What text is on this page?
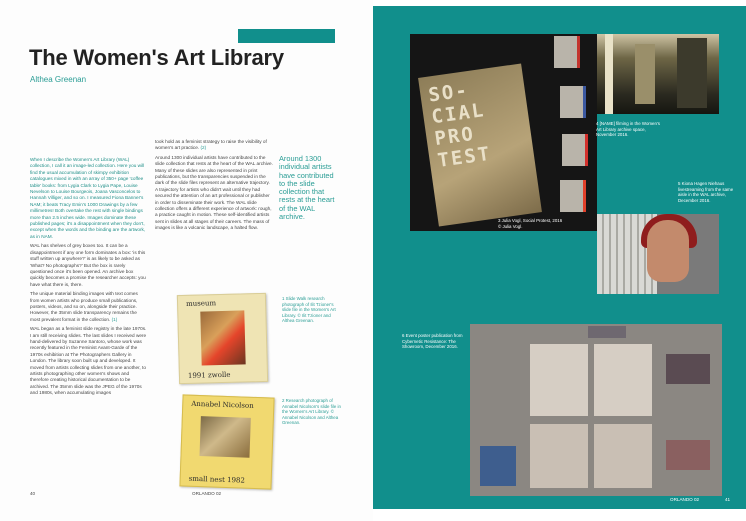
The Women's Art Library
Althea Greenan

When I describe the Women's Art Library (WAL) collection, I call it an image-led collection. Here you will find the usual accumulation of skimpy exhibition catalogues mixed in with an array of 350+ page 'coffee table' books: from Lygia Clark to Lygia Pape, Louise Nevelson to Louise Bourgeois, Joana Vasconcelos to Hannah Villiger, and so on. I measured Fiona Banner's NAM; it beats Tracy Emin's 1000 Drawings by a few millimetres! Both overtake the rest with single bindings more than 2.5 inches wide. Images dominate these published pages; it's a disappointment when they don't, except when the words and the binding are the artwork, as in NAM.

WAL has shelves of grey boxes too. It can be a disappointment if any one form dominates a box: 'is this stuff written up anywhere?' is as likely to be asked as 'What? No photographs?' But the box is rarely questioned once it's been opened. An archive box quickly becomes a promise the researcher accepts: you have what there is, there.

The unique material binding images with text comes from women artists who produce small publications, posters, videos, and so on, alongside their practice. However, the 35mm slide transparency remains the most prevalent format in the collection. (1)

WAL began as a feminist slide registry in the late 1970s. I am still receiving slides. The last slides I received were hand-delivered by Suzanne Santoro, whose work was recently featured in the Feminist Avant-Garde of the 1970s exhibition at The Photographers Gallery in London. The library soon built up and developed. It moved from artists collecting slides from one another, to artists photographing other women's shows and therefore creating historical documentation to be archived. The 35mm slide was the JPEG of the 1970s and 1980s, when accumulating images

took hold as a feminist strategy to raise the visibility of women's art practice. (2)

Around 1300 individual artists have contributed to the slide collection that rests at the heart of the WAL archive. Many of these slides are also represented in print publications, but the transparencies suspended in the dark of the slide files represent an alternative trajectory. A trajectory for artists who didn't wait until they had secured the attention of an art professional or publisher in order to disseminate their work. The WAL slide collection offers a different experience of artwork: rough, a practice caught in motion. These self-identified artists sent in slides at all stages of their careers. The mass of images is like a volcanic landscape, a halted flow.

Around 1300 individual artists have contributed to the slide collection that rests at the heart of the WAL archive.
museum
1991 zwolle
1 Slide Walk research photograph of Ilit Tzioner's slide file in the Women's Art Library. © Ilit Tzioner and Althea Greenan.
Annabel Nicolson
small nest 1982
2 Research photograph of Annabel Nicolson's slide file in the Women's Art Library. © Annabel Nicolson and Althea Greenan.
40	ORLANDO 02
SO-
CIAL
PRO
TEST
4 [NAME] filming in the Women's Art Library archive space, November 2016.
3 Julia Vogl, Social Protest, 2016 © Julia Vogl.
5 Kiona Hagen Niehaus livestreaming from the same aisle in the WAL archive, December 2016.
6 Event poster publication from Cybernetic Resistance: The Showroom, December 2016.
ORLANDO 02	41
